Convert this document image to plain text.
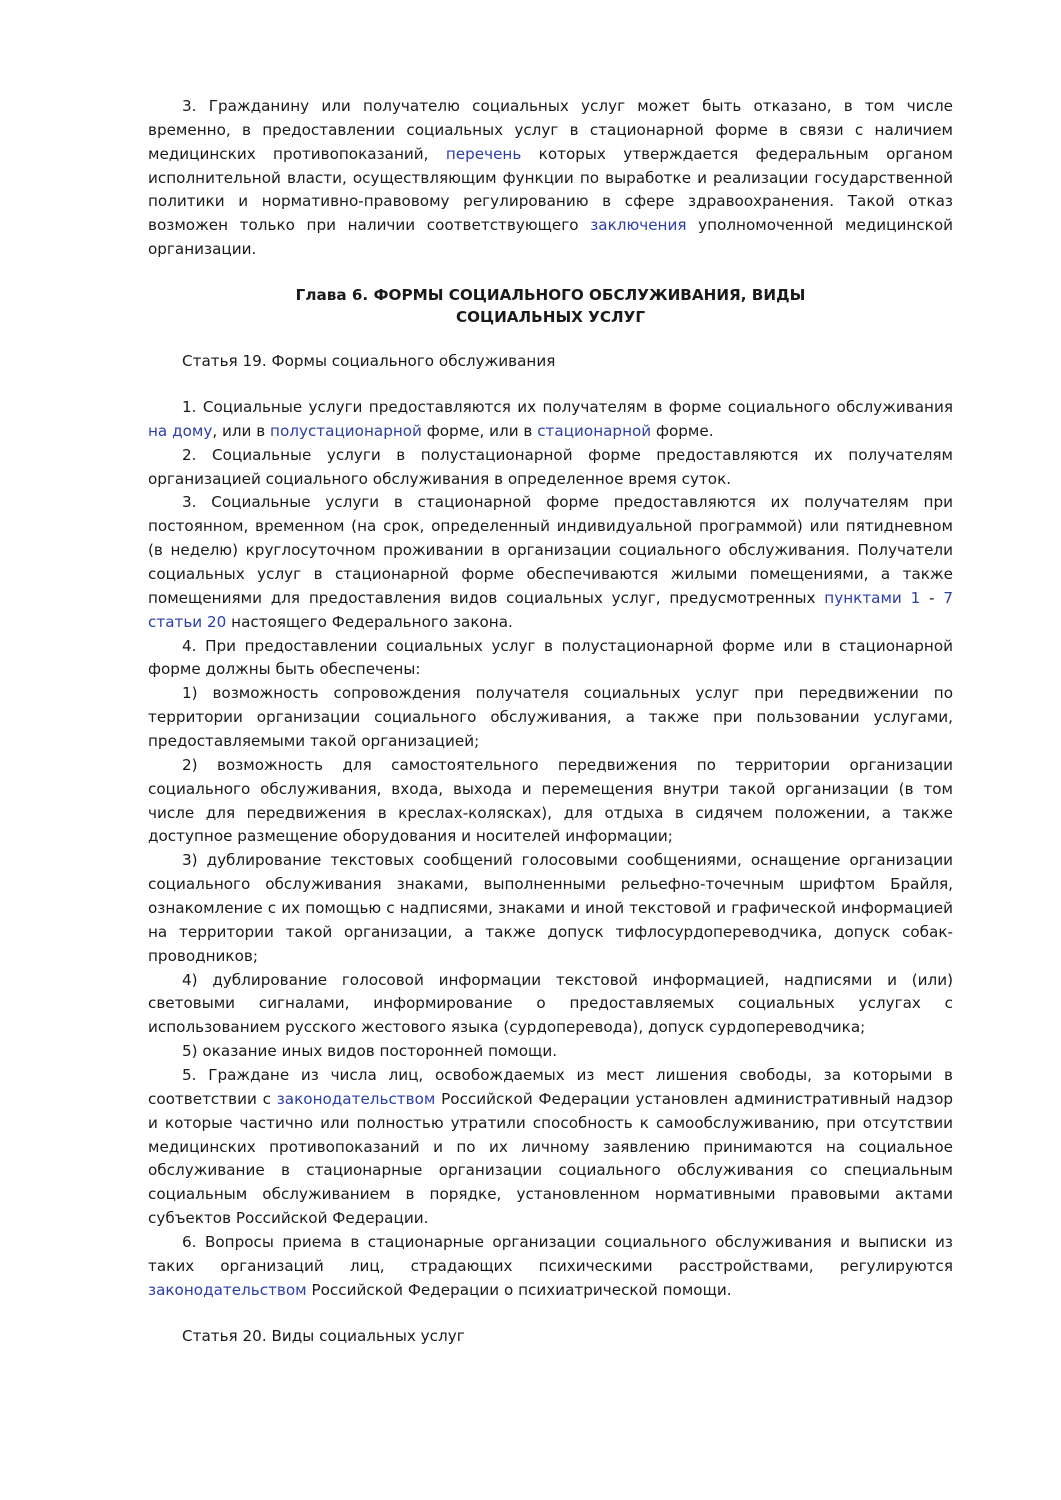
3. Гражданину или получателю социальных услуг может быть отказано, в том числе временно, в предоставлении социальных услуг в стационарной форме в связи с наличием медицинских противопоказаний, перечень которых утверждается федеральным органом исполнительной власти, осуществляющим функции по выработке и реализации государственной политики и нормативно-правовому регулированию в сфере здравоохранения. Такой отказ возможен только при наличии соответствующего заключения уполномоченной медицинской организации.

Глава 6. ФОРМЫ СОЦИАЛЬНОГО ОБСЛУЖИВАНИЯ, ВИДЫ
СОЦИАЛЬНЫХ УСЛУГ

Статья 19. Формы социального обслуживания

1. Социальные услуги предоставляются их получателям в форме социального обслуживания на дому, или в полустационарной форме, или в стационарной форме.

2. Социальные услуги в полустационарной форме предоставляются их получателям организацией социального обслуживания в определенное время суток.

3. Социальные услуги в стационарной форме предоставляются их получателям при постоянном, временном (на срок, определенный индивидуальной программой) или пятидневном (в неделю) круглосуточном проживании в организации социального обслуживания. Получатели социальных услуг в стационарной форме обеспечиваются жилыми помещениями, а также помещениями для предоставления видов социальных услуг, предусмотренных пунктами 1 - 7 статьи 20 настоящего Федерального закона.

4. При предоставлении социальных услуг в полустационарной форме или в стационарной форме должны быть обеспечены:

1) возможность сопровождения получателя социальных услуг при передвижении по территории организации социального обслуживания, а также при пользовании услугами, предоставляемыми такой организацией;

2) возможность для самостоятельного передвижения по территории организации социального обслуживания, входа, выхода и перемещения внутри такой организации (в том числе для передвижения в креслах-колясках), для отдыха в сидячем положении, а также доступное размещение оборудования и носителей информации;

3) дублирование текстовых сообщений голосовыми сообщениями, оснащение организации социального обслуживания знаками, выполненными рельефно-точечным шрифтом Брайля, ознакомление с их помощью с надписями, знаками и иной текстовой и графической информацией на территории такой организации, а также допуск тифлосурдопереводчика, допуск собак-проводников;

4) дублирование голосовой информации текстовой информацией, надписями и (или) световыми сигналами, информирование о предоставляемых социальных услугах с использованием русского жестового языка (сурдоперевода), допуск сурдопереводчика;

5) оказание иных видов посторонней помощи.

5. Граждане из числа лиц, освобождаемых из мест лишения свободы, за которыми в соответствии с законодательством Российской Федерации установлен административный надзор и которые частично или полностью утратили способность к самообслуживанию, при отсутствии медицинских противопоказаний и по их личному заявлению принимаются на социальное обслуживание в стационарные организации социального обслуживания со специальным социальным обслуживанием в порядке, установленном нормативными правовыми актами субъектов Российской Федерации.

6. Вопросы приема в стационарные организации социального обслуживания и выписки из таких организаций лиц, страдающих психическими расстройствами, регулируются законодательством Российской Федерации о психиатрической помощи.

Статья 20. Виды социальных услуг
